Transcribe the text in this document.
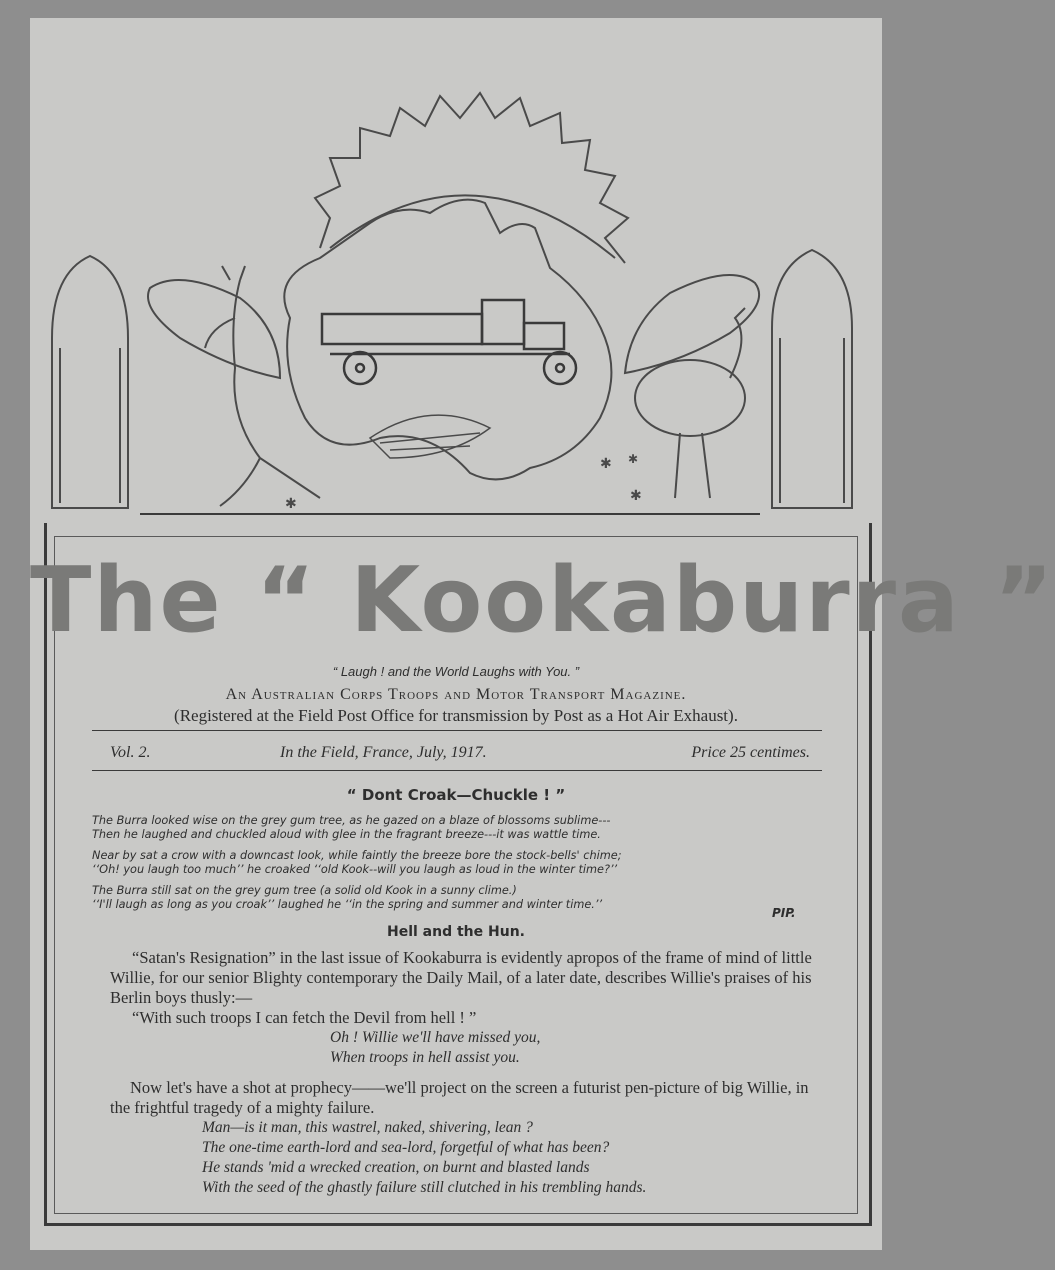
✱ ✱
✱
✱
The “ Kookaburra ”
“ Laugh ! and the World Laughs with You. ”
An Australian Corps Troops and Motor Transport Magazine.
(Registered at the Field Post Office for transmission by Post as a Hot Air Exhaust).
Vol. 2.	In the Field, France, July, 1917.	Price 25 centimes.
“ Dont Croak—Chuckle ! ”
The Burra looked wise on the grey gum tree, as he gazed on a blaze of blossoms sublime---
Then he laughed and chuckled aloud with glee in the fragrant breeze---it was wattle time.
Near by sat a crow with a downcast look, while faintly the breeze bore the stock-bells' chime;
‘‘Oh! you laugh too much’’ he croaked ‘‘old Kook--will you laugh as loud in the winter time?’’
The Burra still sat on the grey gum tree (a solid old Kook in a sunny clime.)
‘‘I'll laugh as long as you croak’’ laughed he ‘‘in the spring and summer and winter time.’’
PIP.
Hell and the Hun.

“Satan's Resignation” in the last issue of Kookaburra is evidently apropos of the frame of mind of little Willie, for our senior Blighty contemporary the Daily Mail, of a later date, describes Willie's praises of his Berlin boys thusly:—

“With such troops I can fetch the Devil from hell ! ”

Oh ! Willie we'll have missed you,

When troops in hell assist you.

Now let's have a shot at prophecy——we'll project on the screen a futurist pen-picture of big Willie, in the frightful tragedy of a mighty failure.

Man—is it man, this wastrel, naked, shivering, lean ?

The one-time earth-lord and sea-lord, forgetful of what has been?

He stands 'mid a wrecked creation, on burnt and blasted lands

With the seed of the ghastly failure still clutched in his trembling hands.
